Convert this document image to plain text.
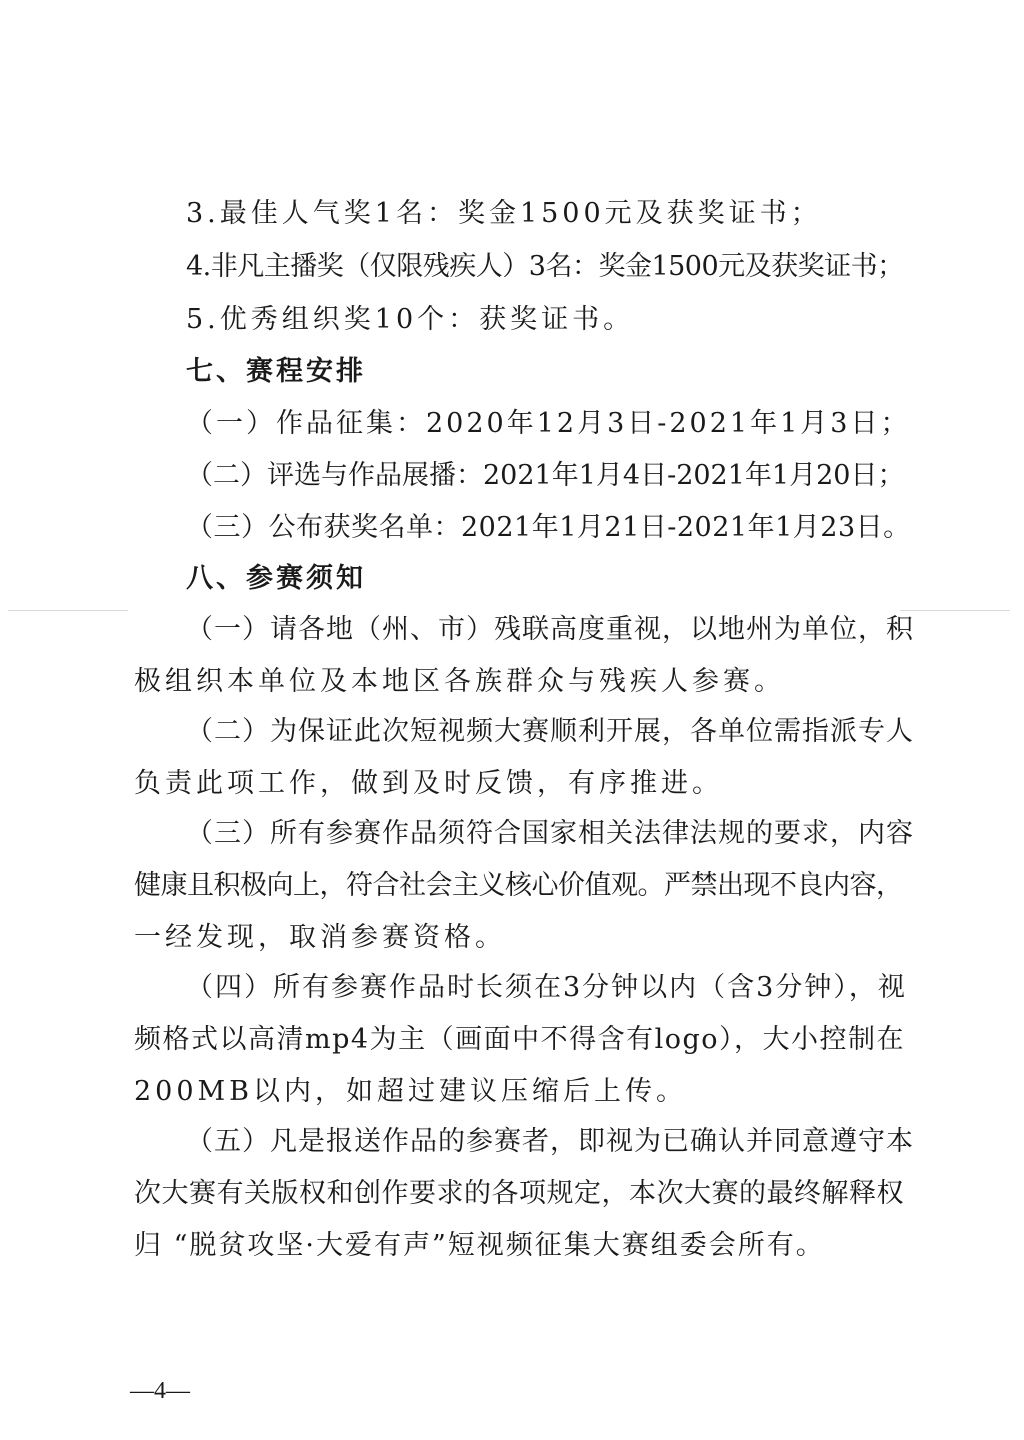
3.最佳人气奖1名：奖金1500元及获奖证书；
4.非凡主播奖（仅限残疾人）3名：奖金1500元及获奖证书；
5.优秀组织奖10个：获奖证书。
七、赛程安排
（一）作品征集：2020年12月3日-2021年1月3日；
（二）评选与作品展播：2021年1月4日-2021年1月20日；
（三）公布获奖名单：2021年1月21日-2021年1月23日。
八、参赛须知
（一）请各地（州、市）残联高度重视，以地州为单位，积
极组织本单位及本地区各族群众与残疾人参赛。
（二）为保证此次短视频大赛顺利开展，各单位需指派专人
负责此项工作，做到及时反馈，有序推进。
（三）所有参赛作品须符合国家相关法律法规的要求，内容
健康且积极向上，符合社会主义核心价值观。严禁出现不良内容，
一经发现，取消参赛资格。
（四）所有参赛作品时长须在3分钟以内（含3分钟），视
频格式以高清mp4为主（画面中不得含有logo），大小控制在
200MB以内，如超过建议压缩后上传。
（五）凡是报送作品的参赛者，即视为已确认并同意遵守本
次大赛有关版权和创作要求的各项规定，本次大赛的最终解释权
归 “脱贫攻坚·大爱有声”短视频征集大赛组委会所有。
—4—
